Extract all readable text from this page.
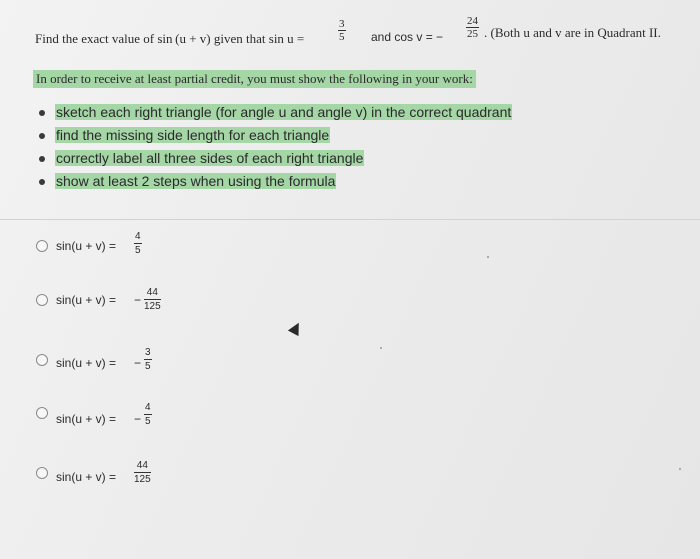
Find the exact value of sin (u + v) given that sin u =	$\frac{3}{5}$ and cos v = − $\frac{24}{25}$ . (Both u and v are in Quadrant II.
In order to receive at least partial credit, you must show the following in your work:
sketch each right triangle (for angle u and angle v) in the correct quadrant
find the missing side length for each triangle
correctly label all three sides of each right triangle
show at least 2 steps when using the formula
$\sin(u + v) = \frac{4}{5}$
sin(u + v) = − $\frac{44}{125}$
sin(u + v) = − $\frac{3}{5}$
sin(u + v) = − $\frac{4}{5}$
$\sin(u + v) = \frac{44}{125}$
